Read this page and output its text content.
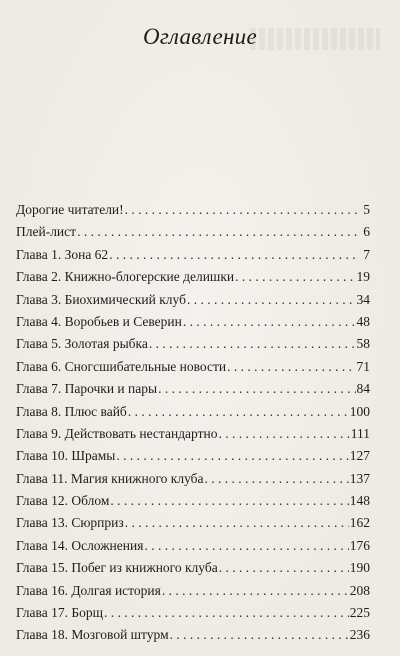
Оглавление
Дорогие читатели! . . .	5
Плей-лист . . .	6
Глава 1. Зона 62 . . .	7
Глава 2. Книжно-блогерские делишки . . .	19
Глава 3. Биохимический клуб . . .	34
Глава 4. Воробьев и Северин . . .	48
Глава 5. Золотая рыбка . . .	58
Глава 6. Сногсшибательные новости . . .	71
Глава 7. Парочки и пары . . .	84
Глава 8. Плюс вайб . . .	100
Глава 9. Действовать нестандартно . . .	111
Глава 10. Шрамы . . .	127
Глава 11. Магия книжного клуба . . .	137
Глава 12. Облом . . .	148
Глава 13. Сюрприз . . .	162
Глава 14. Осложнения . . .	176
Глава 15. Побег из книжного клуба . . .	190
Глава 16. Долгая история . . .	208
Глава 17. Борщ . . .	225
Глава 18. Мозговой штурм . . .	236
